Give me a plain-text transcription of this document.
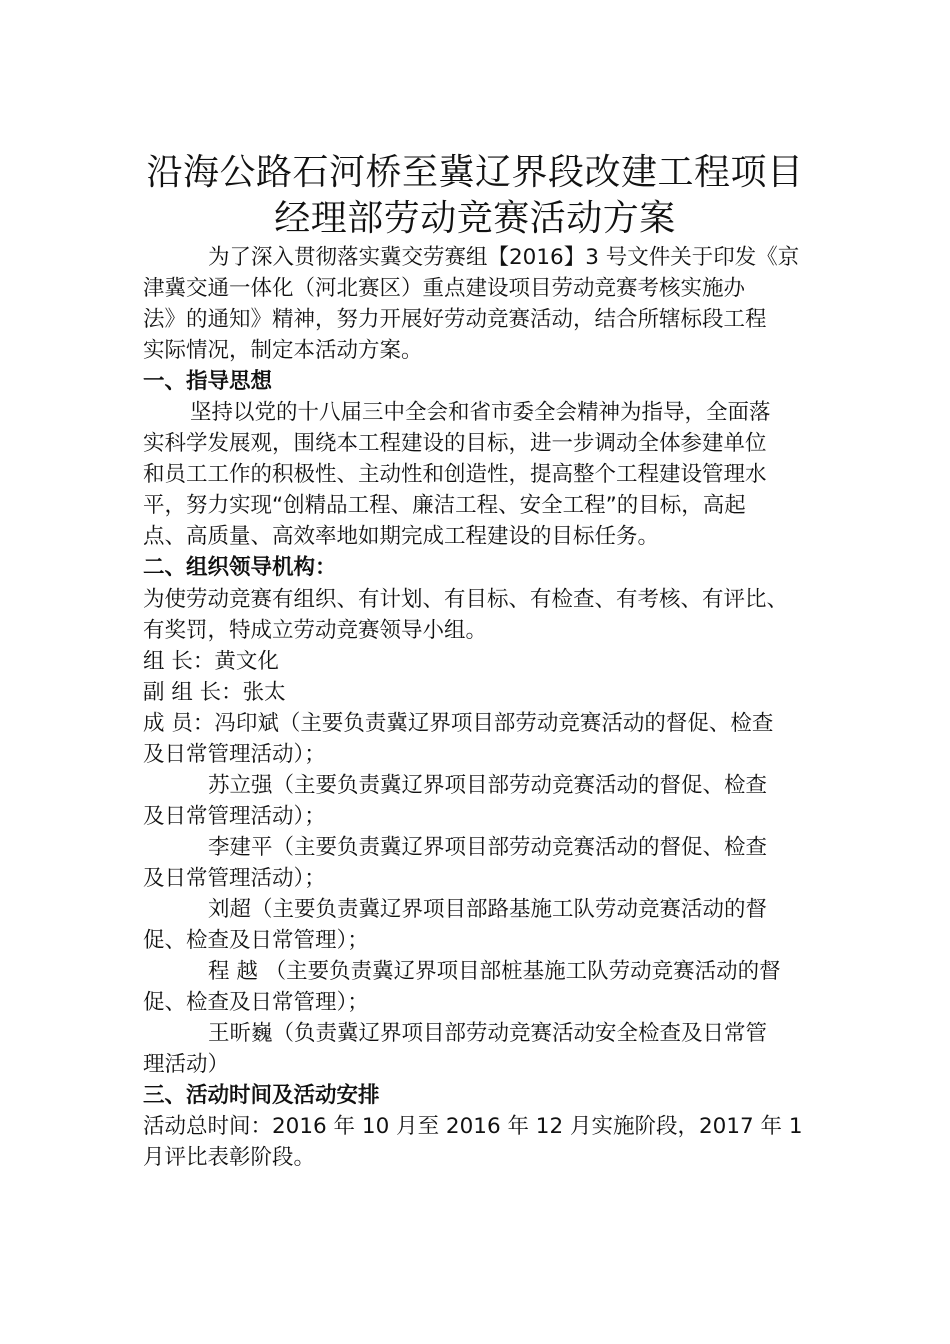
沿海公路石河桥至冀辽界段改建工程项目
经理部劳动竞赛活动方案
为了深入贯彻落实冀交劳赛组【2016】3 号文件关于印发《京
津冀交通一体化（河北赛区）重点建设项目劳动竞赛考核实施办
法》的通知》精神，努力开展好劳动竞赛活动，结合所辖标段工程
实际情况，制定本活动方案。
一、指导思想
坚持以党的十八届三中全会和省市委全会精神为指导，全面落
实科学发展观，围绕本工程建设的目标，进一步调动全体参建单位
和员工工作的积极性、主动性和创造性，提高整个工程建设管理水
平，努力实现“创精品工程、廉洁工程、安全工程”的目标，高起
点、高质量、高效率地如期完成工程建设的目标任务。
二、组织领导机构：
为使劳动竞赛有组织、有计划、有目标、有检查、有考核、有评比、
有奖罚，特成立劳动竞赛领导小组。
组 长：黄文化
副 组 长：张太
成 员：冯印斌（主要负责冀辽界项目部劳动竞赛活动的督促、检查
及日常管理活动）；
苏立强（主要负责冀辽界项目部劳动竞赛活动的督促、检查
及日常管理活动）；
李建平（主要负责冀辽界项目部劳动竞赛活动的督促、检查
及日常管理活动）；
刘超（主要负责冀辽界项目部路基施工队劳动竞赛活动的督
促、检查及日常管理）；
程 越 （主要负责冀辽界项目部桩基施工队劳动竞赛活动的督
促、检查及日常管理）；
王昕巍（负责冀辽界项目部劳动竞赛活动安全检查及日常管
理活动）
三、活动时间及活动安排
活动总时间：2016 年 10 月至 2016 年 12 月实施阶段，2017 年 1
月评比表彰阶段。
